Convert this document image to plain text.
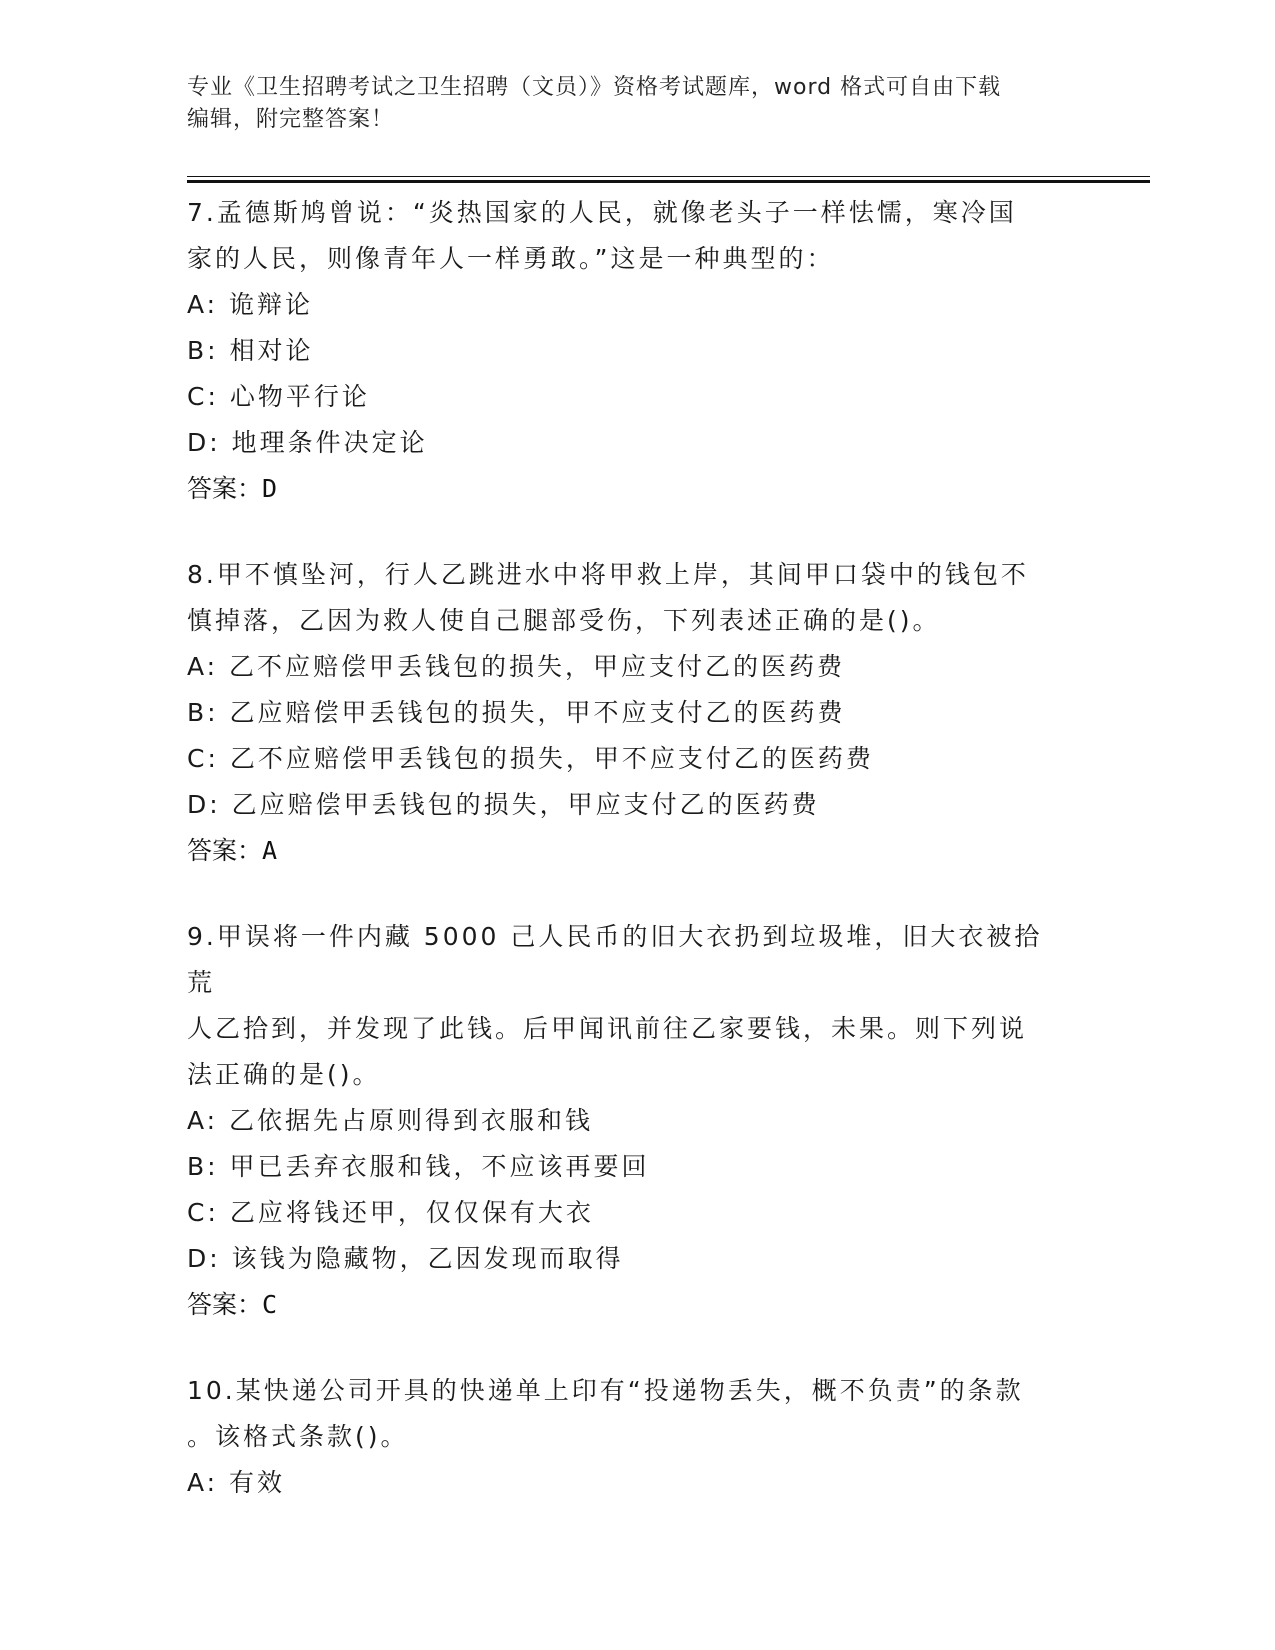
专业《卫生招聘考试之卫生招聘（文员）》资格考试题库，word 格式可自由下载
编辑，附完整答案！
7.孟德斯鸠曾说：“炎热国家的人民，就像老头子一样怯懦，寒冷国
家的人民，则像青年人一样勇敢。”这是一种典型的：
A: 诡辩论
B: 相对论
C: 心物平行论
D: 地理条件决定论
答案：D
8.甲不慎坠河，行人乙跳进水中将甲救上岸，其间甲口袋中的钱包不
慎掉落，乙因为救人使自己腿部受伤，下列表述正确的是()。
A: 乙不应赔偿甲丢钱包的损失，甲应支付乙的医药费
B: 乙应赔偿甲丢钱包的损失，甲不应支付乙的医药费
C: 乙不应赔偿甲丢钱包的损失，甲不应支付乙的医药费
D: 乙应赔偿甲丢钱包的损失，甲应支付乙的医药费
答案：A
9.甲误将一件内藏 5000 己人民币的旧大衣扔到垃圾堆，旧大衣被拾荒
人乙拾到，并发现了此钱。后甲闻讯前往乙家要钱，未果。则下列说
法正确的是()。
A: 乙依据先占原则得到衣服和钱
B: 甲已丢弃衣服和钱，不应该再要回
C: 乙应将钱还甲，仅仅保有大衣
D: 该钱为隐藏物，乙因发现而取得
答案：C
10.某快递公司开具的快递单上印有“投递物丢失，概不负责”的条款
。该格式条款()。
A: 有效
